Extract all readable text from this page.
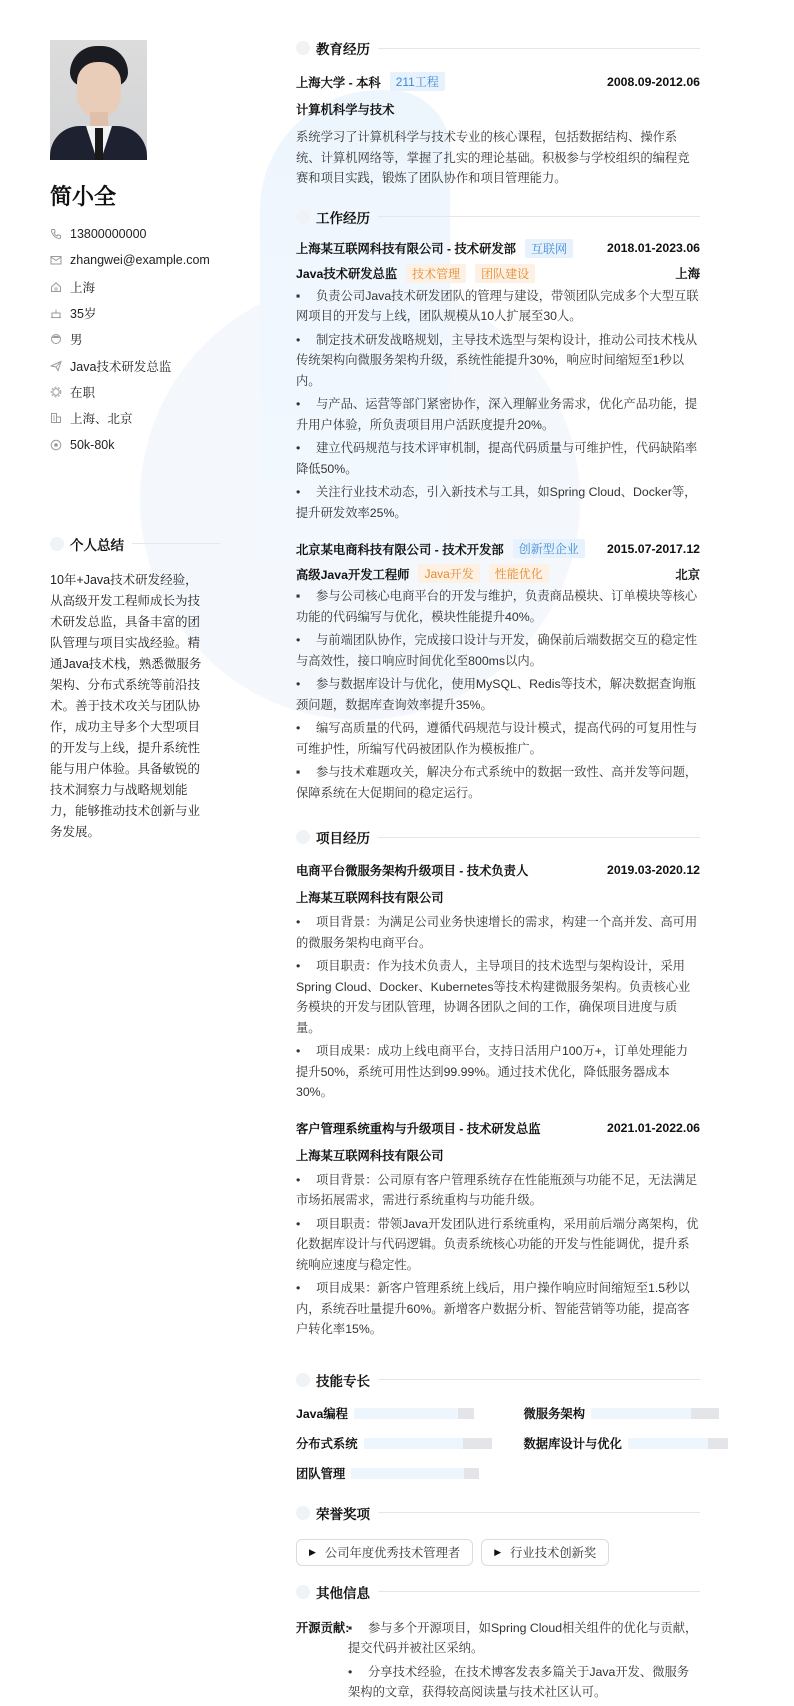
简小全
13800000000
zhangwei@example.com
上海
35岁
男
Java技术研发总监
在职
上海、北京
50k-80k
个人总结
10年+Java技术研发经验，从高级开发工程师成长为技术研发总监，具备丰富的团队管理与项目实战经验。精通Java技术栈，熟悉微服务架构、分布式系统等前沿技术。善于技术攻关与团队协作，成功主导多个大型项目的开发与上线，提升系统性能与用户体验。具备敏锐的技术洞察力与战略规划能力，能够推动技术创新与业务发展。
教育经历
上海大学 - 本科	211工程	2008.09-2012.06
计算机科学与技术
系统学习了计算机科学与技术专业的核心课程，包括数据结构、操作系统、计算机网络等，掌握了扎实的理论基础。积极参与学校组织的编程竞赛和项目实践，锻炼了团队协作和项目管理能力。
工作经历
上海某互联网科技有限公司 - 技术研发部	互联网	2018.01-2023.06
Java技术研发总监	技术管理	团队建设	上海
▪ 负责公司Java技术研发团队的管理与建设，带领团队完成多个大型互联网项目的开发与上线，团队规模从10人扩展至30人。
• 制定技术研发战略规划，主导技术选型与架构设计，推动公司技术栈从传统架构向微服务架构升级，系统性能提升30%，响应时间缩短至1秒以内。
• 与产品、运营等部门紧密协作，深入理解业务需求，优化产品功能，提升用户体验，所负责项目用户活跃度提升20%。
• 建立代码规范与技术评审机制，提高代码质量与可维护性，代码缺陷率降低50%。
• 关注行业技术动态，引入新技术与工具，如Spring Cloud、Docker等，提升研发效率25%。
北京某电商科技有限公司 - 技术开发部	创新型企业	2015.07-2017.12
高级Java开发工程师	Java开发	性能优化	北京
▪ 参与公司核心电商平台的开发与维护，负责商品模块、订单模块等核心功能的代码编写与优化，模块性能提升40%。
• 与前端团队协作，完成接口设计与开发，确保前后端数据交互的稳定性与高效性，接口响应时间优化至800ms以内。
• 参与数据库设计与优化，使用MySQL、Redis等技术，解决数据查询瓶颈问题，数据库查询效率提升35%。
• 编写高质量的代码，遵循代码规范与设计模式，提高代码的可复用性与可维护性，所编写代码被团队作为模板推广。
▪ 参与技术难题攻关，解决分布式系统中的数据一致性、高并发等问题，保障系统在大促期间的稳定运行。
项目经历
电商平台微服务架构升级项目 - 技术负责人	2019.03-2020.12
上海某互联网科技有限公司
• 项目背景：为满足公司业务快速增长的需求，构建一个高并发、高可用的微服务架构电商平台。
• 项目职责：作为技术负责人，主导项目的技术选型与架构设计，采用Spring Cloud、Docker、Kubernetes等技术构建微服务架构。负责核心业务模块的开发与团队管理，协调各团队之间的工作，确保项目进度与质量。
• 项目成果：成功上线电商平台，支持日活用户100万+，订单处理能力提升50%，系统可用性达到99.99%。通过技术优化，降低服务器成本30%。
客户管理系统重构与升级项目 - 技术研发总监	2021.01-2022.06
上海某互联网科技有限公司
• 项目背景：公司原有客户管理系统存在性能瓶颈与功能不足，无法满足市场拓展需求，需进行系统重构与功能升级。
• 项目职责：带领Java开发团队进行系统重构，采用前后端分离架构，优化数据库设计与代码逻辑。负责系统核心功能的开发与性能调优，提升系统响应速度与稳定性。
• 项目成果：新客户管理系统上线后，用户操作响应时间缩短至1.5秒以内，系统吞吐量提升60%。新增客户数据分析、智能营销等功能，提高客户转化率15%。
技能专长
Java编程	微服务架构
分布式系统	数据库设计与优化
团队管理
荣誉奖项
▶ 公司年度优秀技术管理者	▶ 行业技术创新奖
其他信息
开源贡献:
▪ 参与多个开源项目，如Spring Cloud相关组件的优化与贡献，提交代码并被社区采纳。
• 分享技术经验，在技术博客发表多篇关于Java开发、微服务架构的文章，获得较高阅读量与技术社区认可。
